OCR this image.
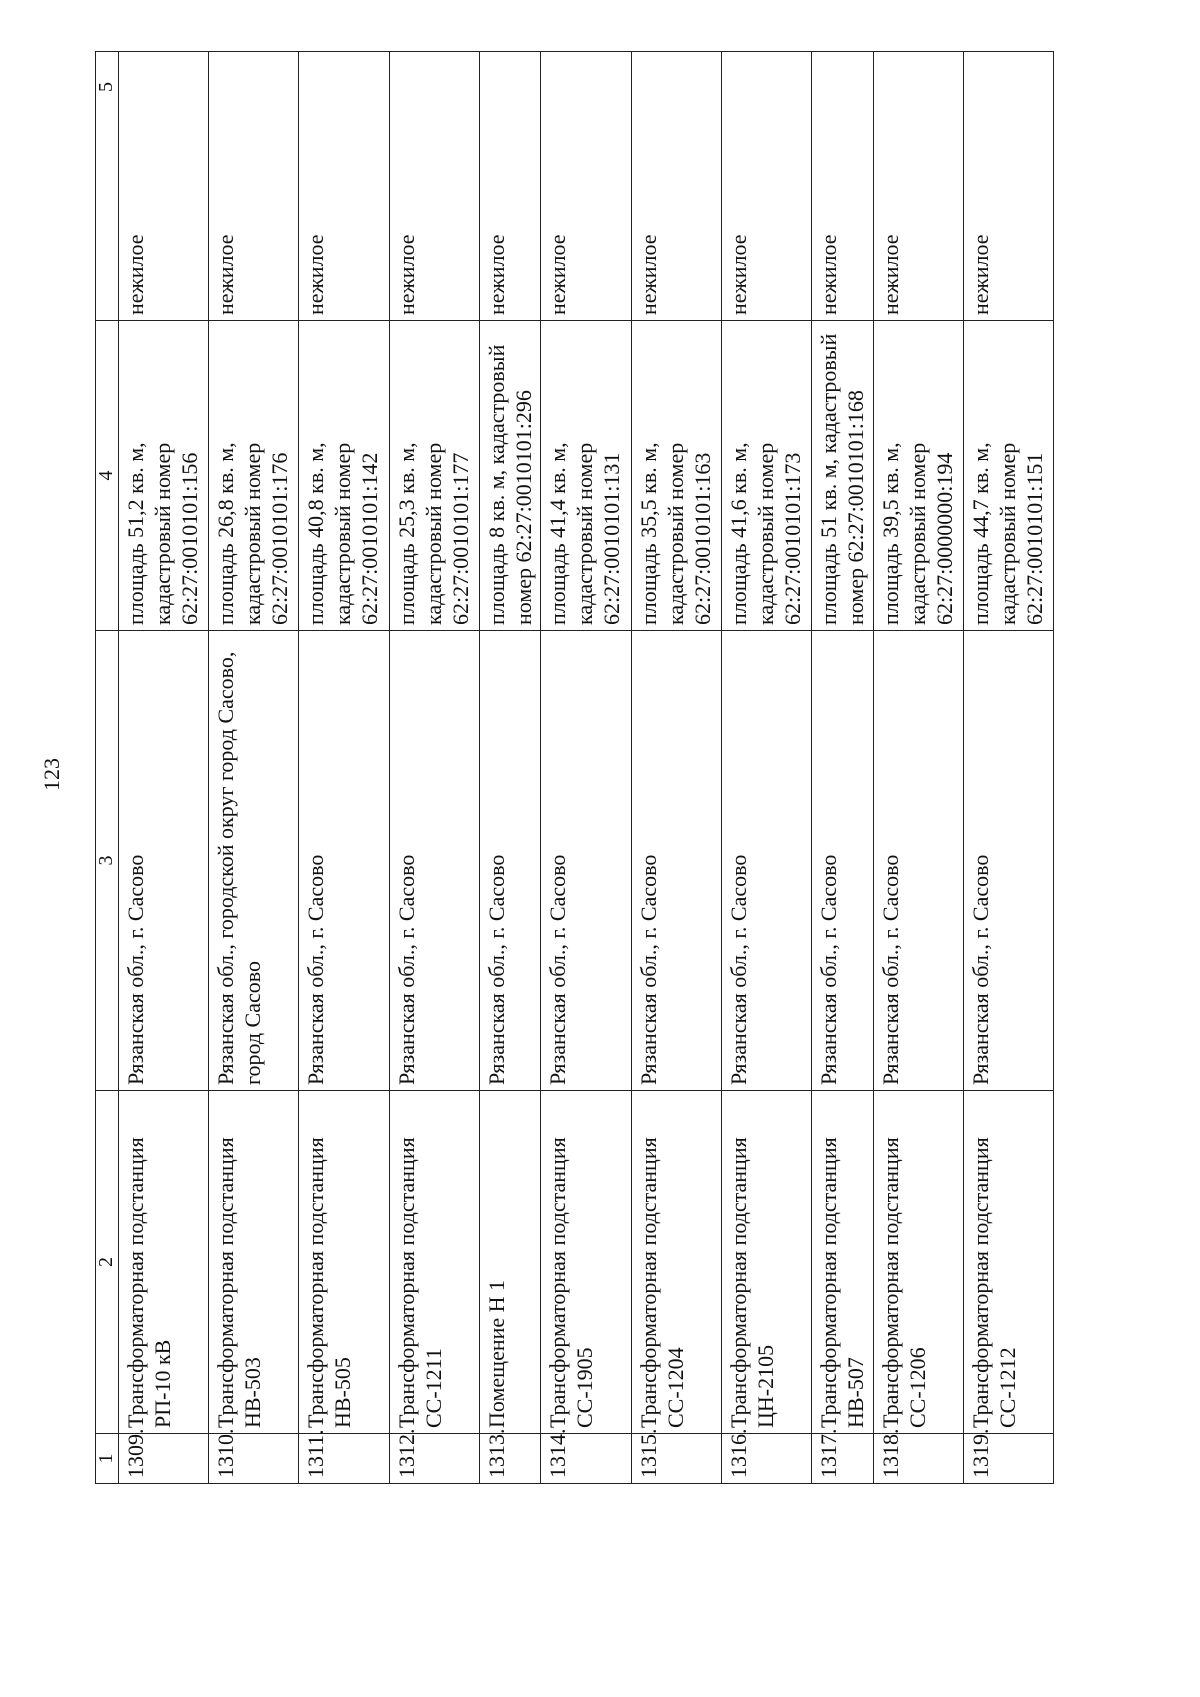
123
1	2	3	4	5
1309.	Трансформаторная подстанция РП-10 кВ	Рязанская обл., г. Сасово	площадь 51,2 кв. м, кадастровый номер 62:27:0010101:156	нежилое
1310.	Трансформаторная подстанция НВ-503	Рязанская обл., городской округ город Сасово, город Сасово	площадь 26,8 кв. м, кадастровый номер 62:27:0010101:176	нежилое
1311.	Трансформаторная подстанция НВ-505	Рязанская обл., г. Сасово	площадь 40,8 кв. м, кадастровый номер 62:27:0010101:142	нежилое
1312.	Трансформаторная подстанция СС-1211	Рязанская обл., г. Сасово	площадь 25,3 кв. м, кадастровый номер 62:27:0010101:177	нежилое
1313.	Помещение Н 1	Рязанская обл., г. Сасово	площадь 8 кв. м, кадастровый номер 62:27:0010101:296	нежилое
1314.	Трансформаторная подстанция СС-1905	Рязанская обл., г. Сасово	площадь 41,4 кв. м, кадастровый номер 62:27:0010101:131	нежилое
1315.	Трансформаторная подстанция СС-1204	Рязанская обл., г. Сасово	площадь 35,5 кв. м, кадастровый номер 62:27:0010101:163	нежилое
1316.	Трансформаторная подстанция ЦН-2105	Рязанская обл., г. Сасово	площадь 41,6 кв. м, кадастровый номер 62:27:0010101:173	нежилое
1317.	Трансформаторная подстанция НВ-507	Рязанская обл., г. Сасово	площадь 51 кв. м, кадастровый номер 62:27:0010101:168	нежилое
1318.	Трансформаторная подстанция СС-1206	Рязанская обл., г. Сасово	площадь 39,5 кв. м, кадастровый номер 62:27:0000000:194	нежилое
1319.	Трансформаторная подстанция СС-1212	Рязанская обл., г. Сасово	площадь 44,7 кв. м, кадастровый номер 62:27:0010101:151	нежилое
